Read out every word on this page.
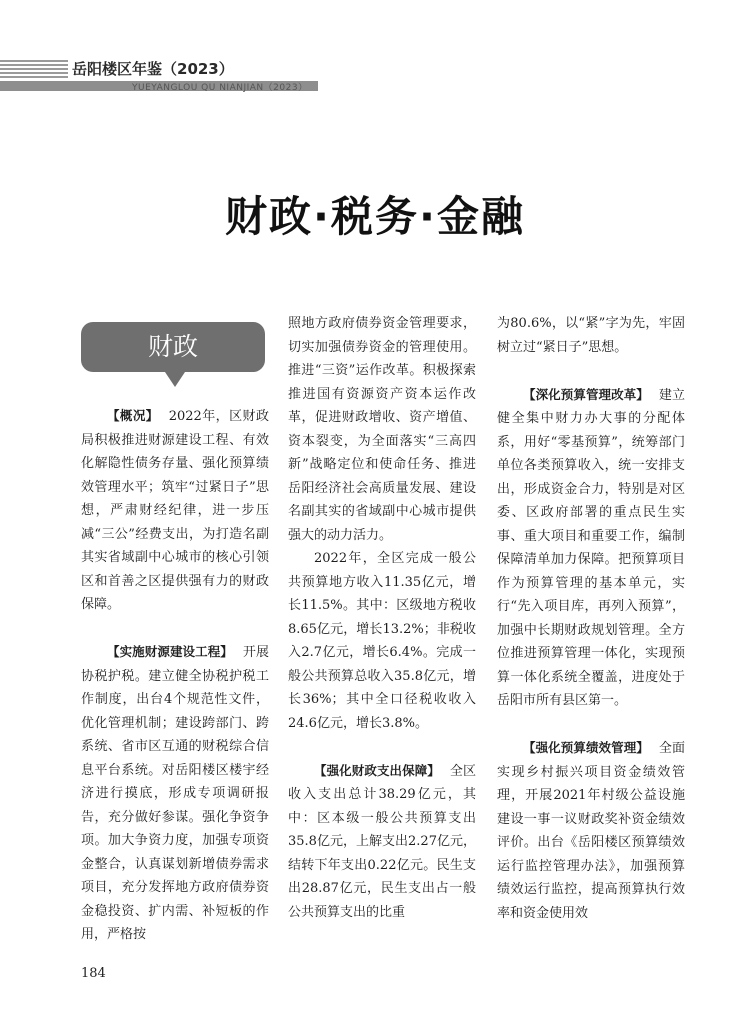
岳阳楼区年鉴（2023）
YUEYANGLOU QU NIANJIAN（2023）
财政·税务·金融
财政

【概况】 2022年，区财政局积极推进财源建设工程、有效化解隐性债务存量、强化预算绩效管理水平；筑牢“过紧日子”思想，严肃财经纪律，进一步压减“三公”经费支出，为打造名副其实省域副中心城市的核心引领区和首善之区提供强有力的财政保障。

【实施财源建设工程】 开展协税护税。建立健全协税护税工作制度，出台4个规范性文件，优化管理机制；建设跨部门、跨系统、省市区互通的财税综合信息平台系统。对岳阳楼区楼宇经济进行摸底，形成专项调研报告，充分做好参谋。强化争资争项。加大争资力度，加强专项资金整合，认真谋划新增债券需求项目，充分发挥地方政府债券资金稳投资、扩内需、补短板的作用，严格按

照地方政府债券资金管理要求，切实加强债券资金的管理使用。推进“三资”运作改革。积极探索推进国有资源资产资本运作改革，促进财政增收、资产增值、资本裂变，为全面落实“三高四新”战略定位和使命任务、推进岳阳经济社会高质量发展、建设名副其实的省域副中心城市提供强大的动力活力。

2022年，全区完成一般公共预算地方收入11.35亿元，增长11.5%。其中：区级地方税收8.65亿元，增长13.2%；非税收入2.7亿元，增长6.4%。完成一般公共预算总收入35.8亿元，增长36%；其中全口径税收收入24.6亿元，增长3.8%。

【强化财政支出保障】 全区收入支出总计38.29亿元，其中：区本级一般公共预算支出35.8亿元，上解支出2.27亿元，结转下年支出0.22亿元。民生支出28.87亿元，民生支出占一般公共预算支出的比重

为80.6%，以“紧”字为先，牢固树立过“紧日子”思想。

【深化预算管理改革】 建立健全集中财力办大事的分配体系，用好“零基预算”，统筹部门单位各类预算收入，统一安排支出，形成资金合力，特别是对区委、区政府部署的重点民生实事、重大项目和重要工作，编制保障清单加力保障。把预算项目作为预算管理的基本单元，实行“先入项目库，再列入预算”，加强中长期财政规划管理。全方位推进预算管理一体化，实现预算一体化系统全覆盖，进度处于岳阳市所有县区第一。

【强化预算绩效管理】 全面实现乡村振兴项目资金绩效管理，开展2021年村级公益设施建设一事一议财政奖补资金绩效评价。出台《岳阳楼区预算绩效运行监控管理办法》，加强预算绩效运行监控，提高预算执行效率和资金使用效

184
